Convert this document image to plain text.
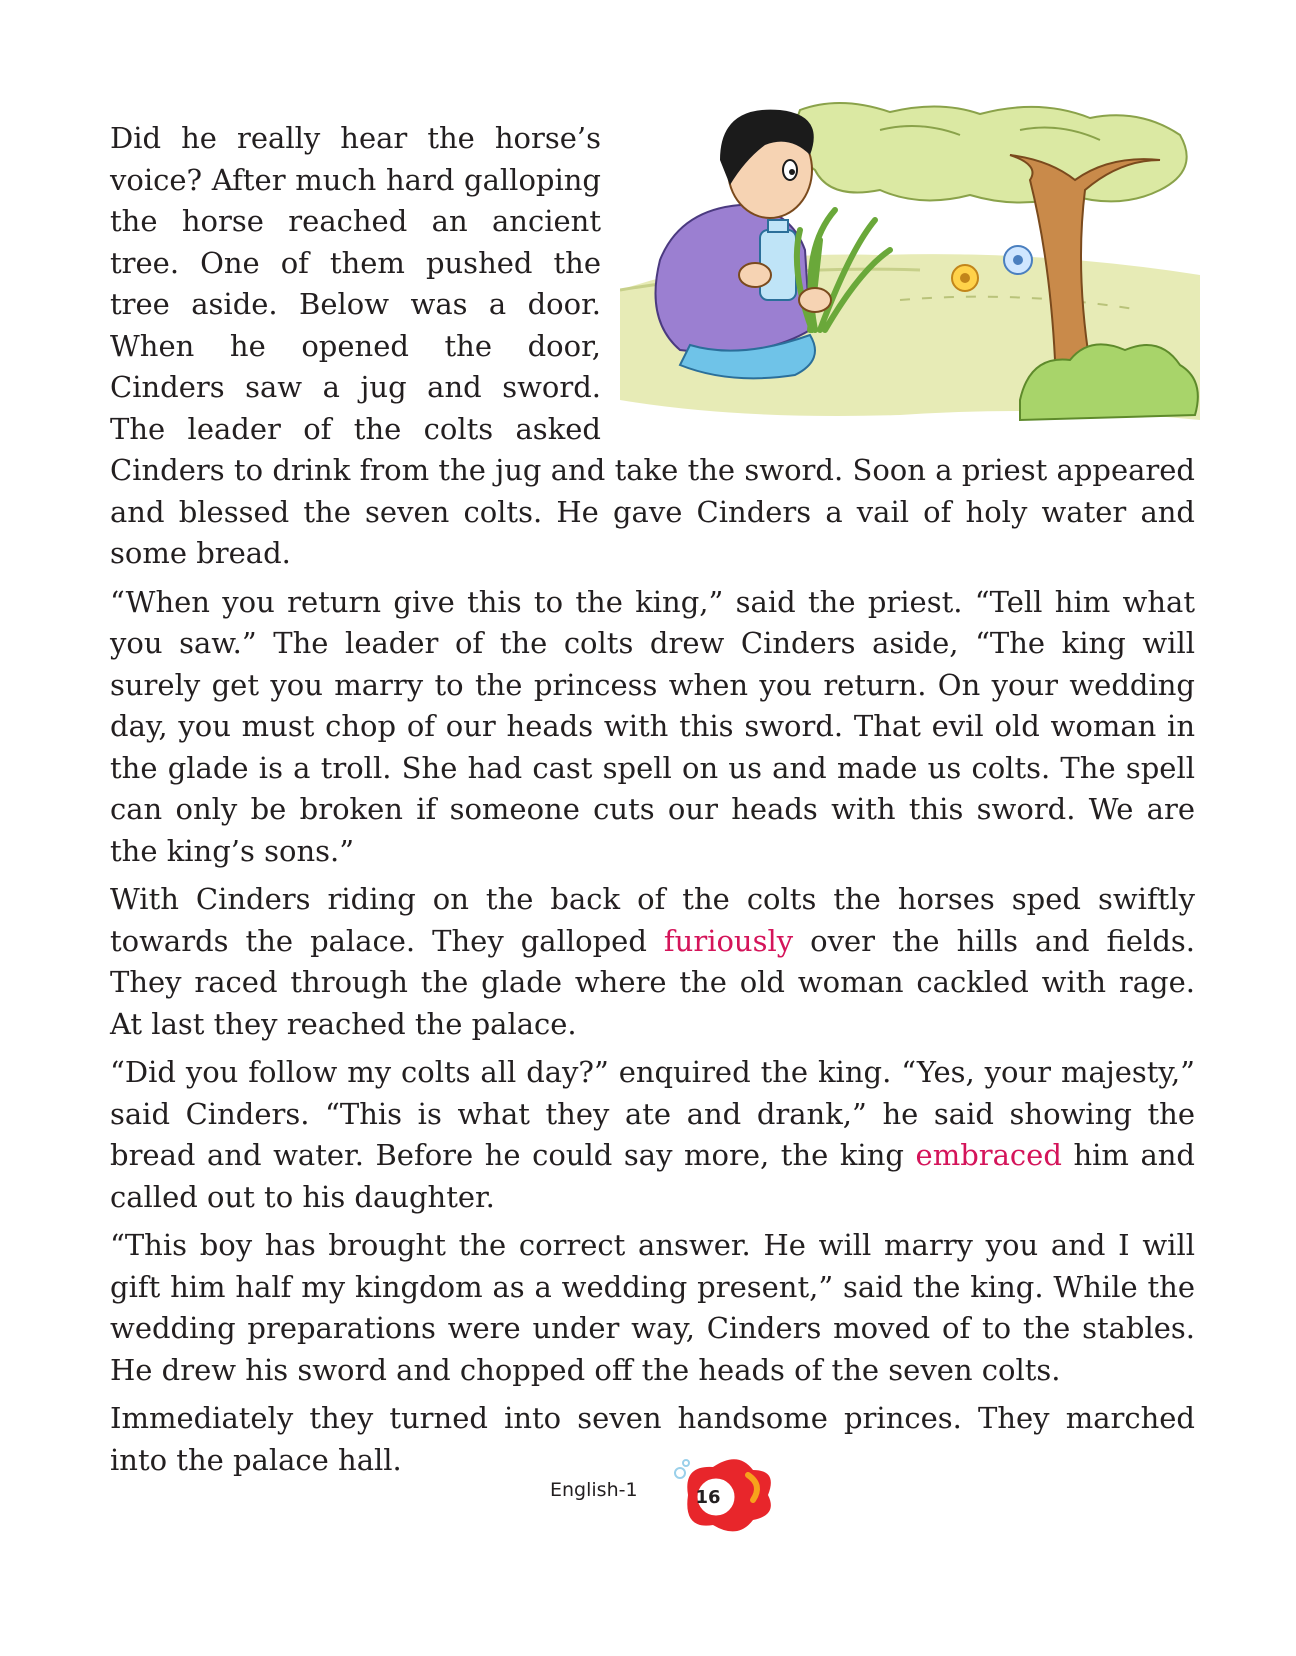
Did he really hear the horse’s voice? After much hard galloping the horse reached an ancient tree. One of them pushed the tree aside. Below was a door. When he opened the door, Cinders saw a jug and sword. The leader of the colts asked Cinders to drink from the jug and take the sword. Soon a priest appeared and blessed the seven colts. He gave Cinders a vail of holy water and some bread.

“When you return give this to the king,” said the priest. “Tell him what you saw.” The leader of the colts drew Cinders aside, “The king will surely get you marry to the princess when you return. On your wedding day, you must chop of our heads with this sword. That evil old woman in the glade is a troll. She had cast spell on us and made us colts. The spell can only be broken if someone cuts our heads with this sword. We are the king’s sons.”

With Cinders riding on the back of the colts the horses sped swiftly towards the palace. They galloped furiously over the hills and fields. They raced through the glade where the old woman cackled with rage. At last they reached the palace.

“Did you follow my colts all day?” enquired the king. “Yes, your majesty,” said Cinders. “This is what they ate and drank,” he said showing the bread and water. Before he could say more, the king embraced him and called out to his daughter.

“This boy has brought the correct answer. He will marry you and I will gift him half my kingdom as a wedding present,” said the king. While the wedding preparations were under way, Cinders moved of to the stables. He drew his sword and chopped off the heads of the seven colts.

Immediately they turned into seven handsome princes. They marched into the palace hall.

English-1	16
